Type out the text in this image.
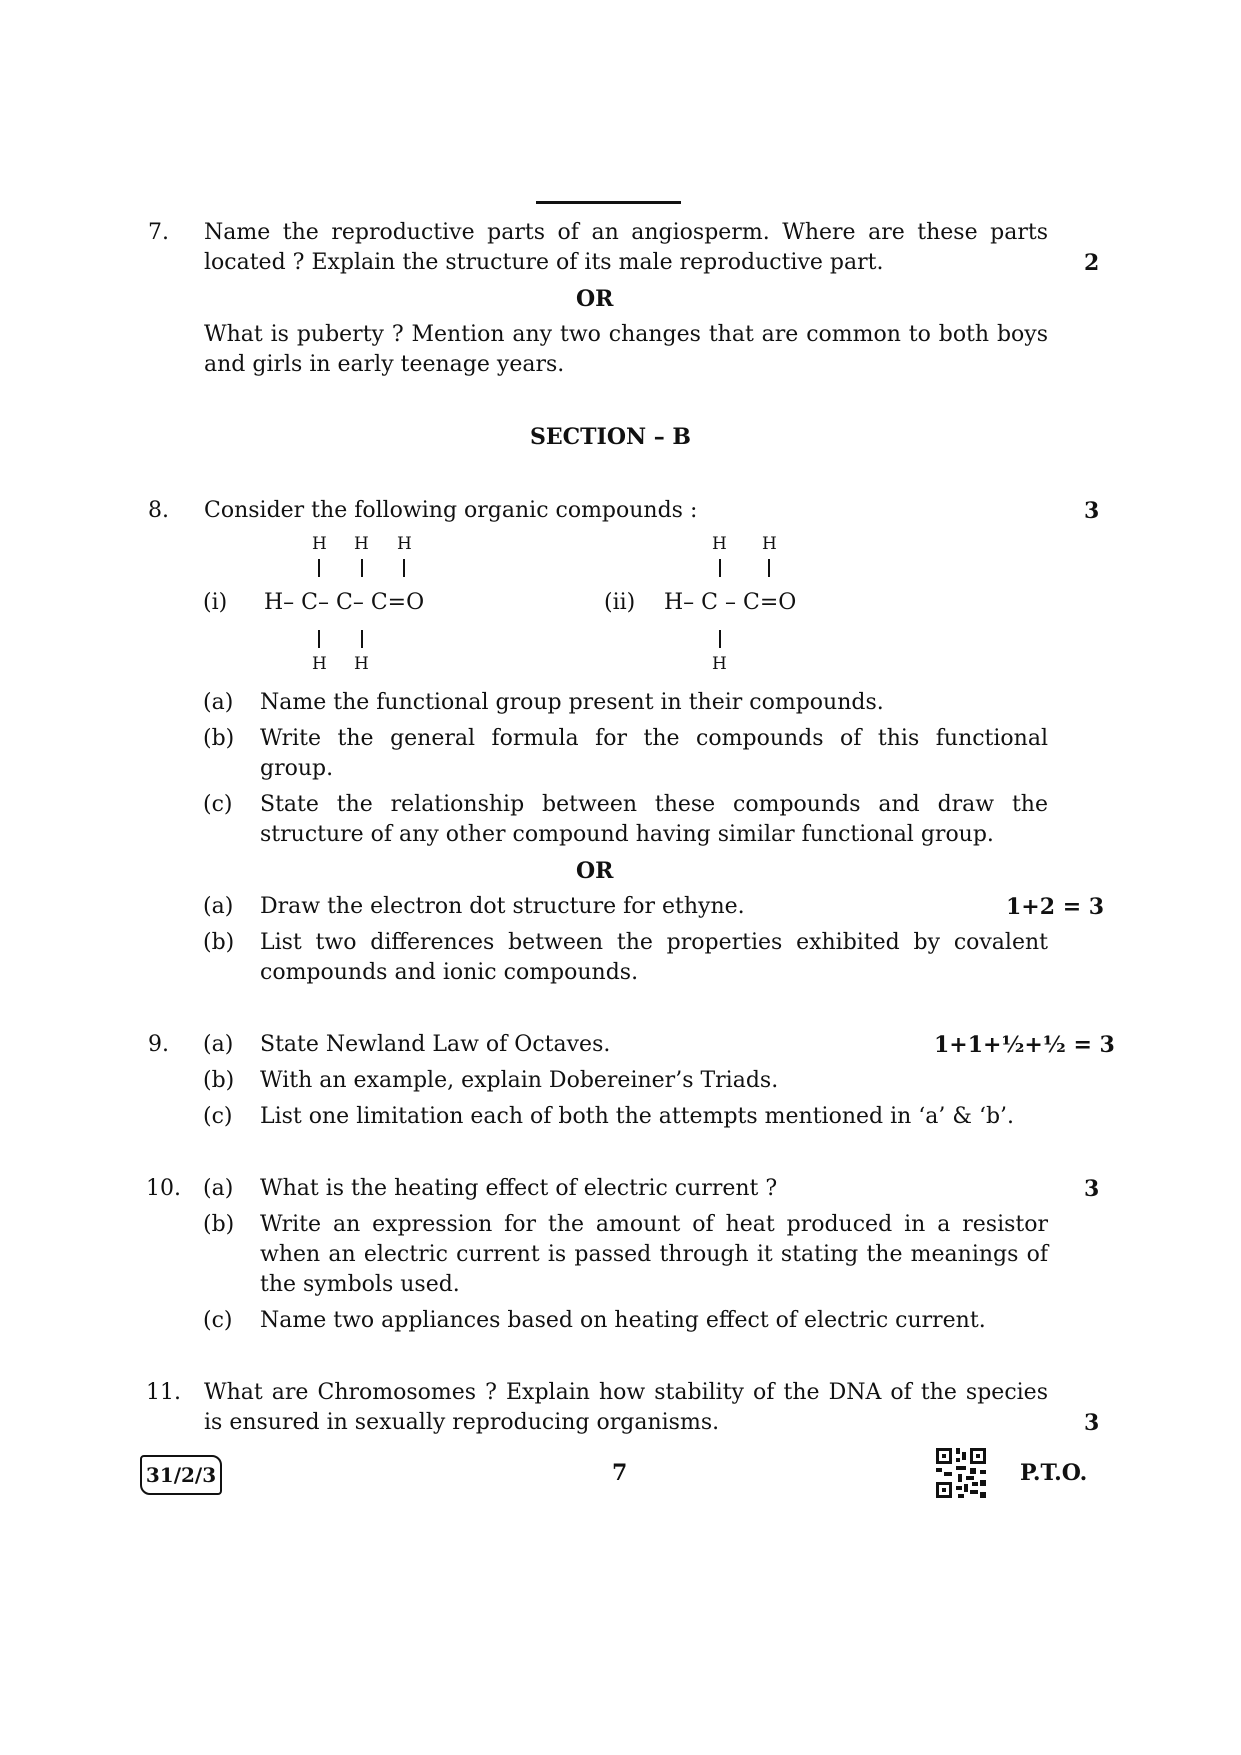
7. Name the reproductive parts of an angiosperm. Where are these parts
located ? Explain the structure of its male reproductive part.	2
OR
What is puberty ? Mention any two changes that are common to both boys
and girls in early teenage years.
SECTION – B
8. Consider the following organic compounds :	3
H H H
(i) H– C– C– C=O
H H
H H
(ii) H– C – C=O
H
(a) Name the functional group present in their compounds.
(b) Write the general formula for the compounds of this functional
group.
(c) State the relationship between these compounds and draw the
structure of any other compound having similar functional group.
OR
(a) Draw the electron dot structure for ethyne.	1+2 = 3
(b) List two differences between the properties exhibited by covalent
compounds and ionic compounds.
9. (a) State Newland Law of Octaves.	1+1+½+½ = 3
(b) With an example, explain Dobereiner’s Triads.
(c) List one limitation each of both the attempts mentioned in ‘a’ & ‘b’.
10. (a) What is the heating effect of electric current ?	3
(b) Write an expression for the amount of heat produced in a resistor
when an electric current is passed through it stating the meanings of
the symbols used.
(c) Name two appliances based on heating effect of electric current.
11. What are Chromosomes ? Explain how stability of the DNA of the species
is ensured in sexually reproducing organisms.	3
31/2/3	7	P.T.O.
